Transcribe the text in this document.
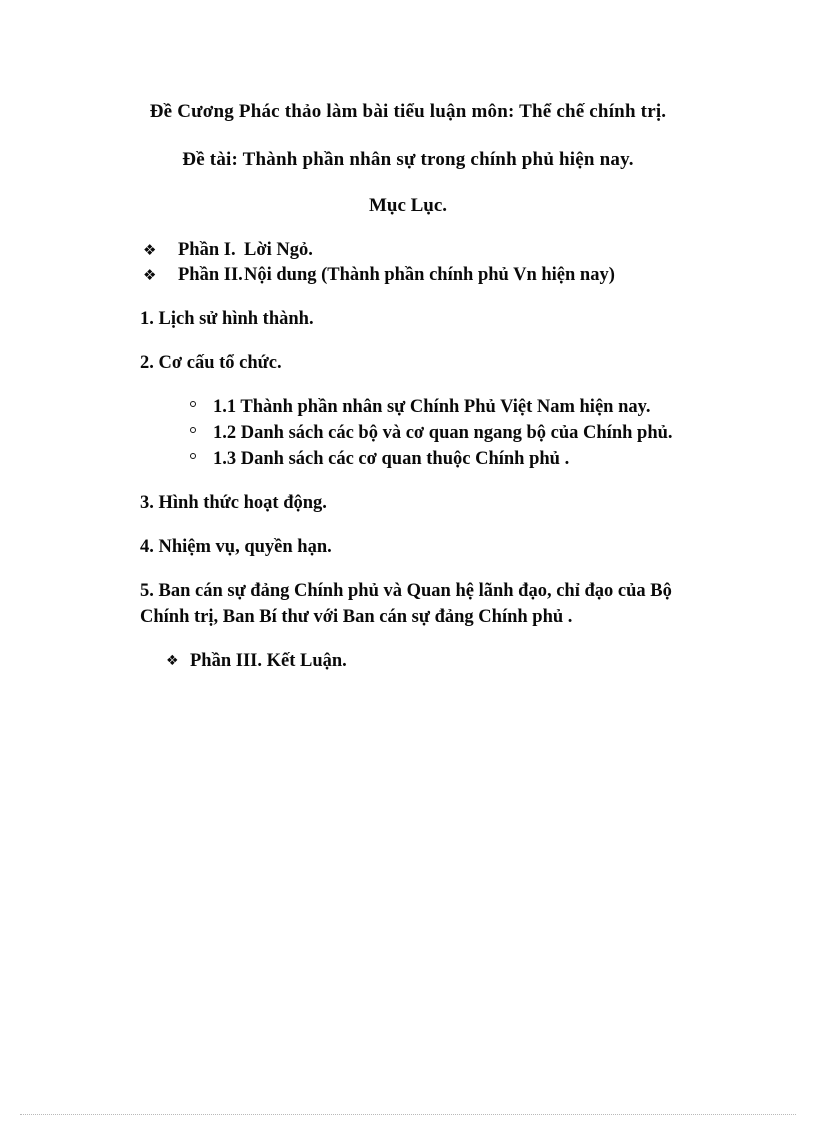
Đề Cương Phác thảo làm bài tiểu luận môn: Thể chế chính trị.
Đề tài: Thành phần nhân sự trong chính phủ hiện nay.
Mục Lục.
❖ Phần I. Lời Ngỏ.
❖ Phần II.Nội dung (Thành phần chính phủ Vn hiện nay)

1. Lịch sử hình thành.

2. Cơ cấu tổ chức.

1.1 Thành phần nhân sự Chính Phủ Việt Nam hiện nay.
1.2 Danh sách các bộ và cơ quan ngang bộ của Chính phủ.
1.3 Danh sách các cơ quan thuộc Chính phủ .

3. Hình thức hoạt động.

4. Nhiệm vụ, quyền hạn.

5. Ban cán sự đảng Chính phủ và Quan hệ lãnh đạo, chỉ đạo của Bộ Chính trị, Ban Bí thư với Ban cán sự đảng Chính phủ .

❖ Phần III. Kết Luận.
